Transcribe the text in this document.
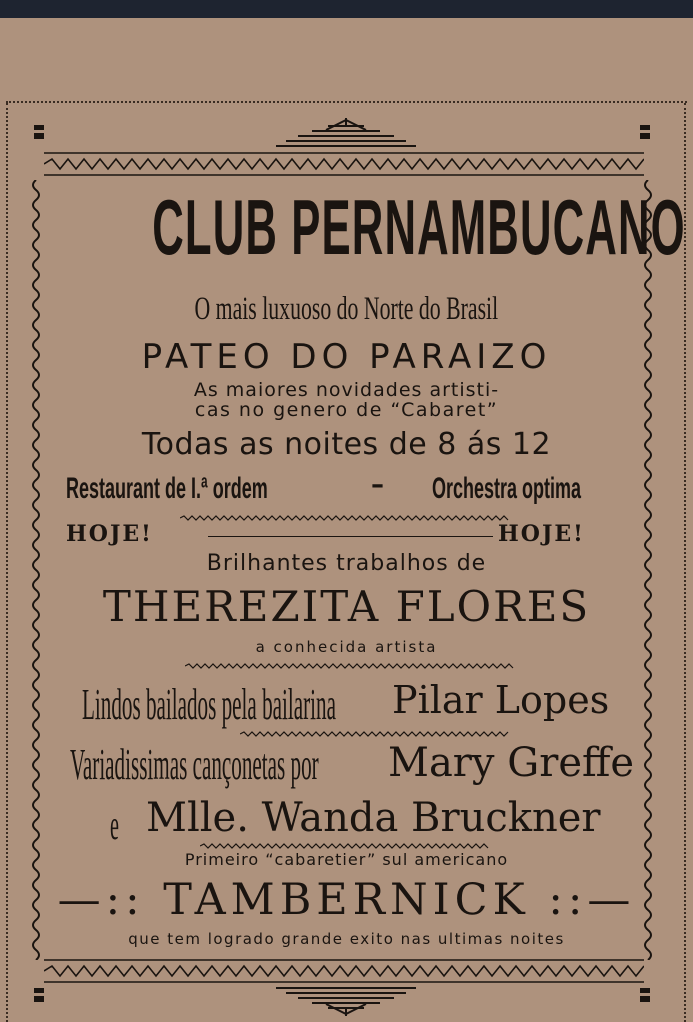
CLUB PERNAMBUCANO
O mais luxuoso do Norte do Brasil
PATEO DO PARAIZO
As maiores novidades artisti-
cas no genero de “Cabaret”
Todas as noites de 8 ás 12
Restaurant de I.ª ordem	– Orchestra optima
HOJE!	HOJE!
Brilhantes trabalhos de
THEREZITA FLORES
a conhecida artista
Lindos bailados pela bailarina Pilar Lopes
Variadissimas cançonetas por Mary Greffe
e Mlle. Wanda Bruckner
Primeiro “cabaretier” sul americano
—:: TAMBERNICK ::—
que tem logrado grande exito nas ultimas noites
